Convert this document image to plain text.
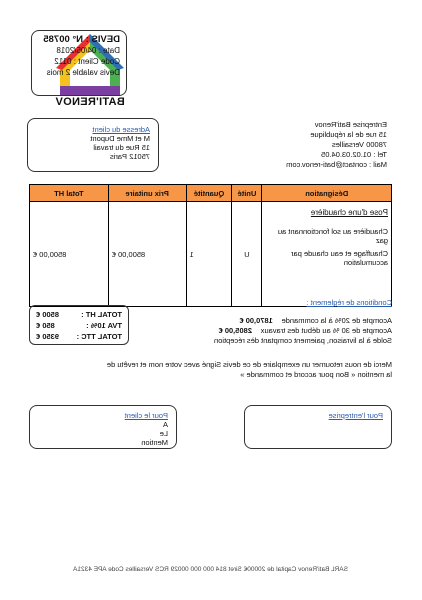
BATI'RENOV
DEVIS : N° 00785
Date : 04/05/2018
Code Client : 0112
Devis valable 2 mois
Entreprise Bati'Renov
15 rue de la république
78000 Versailles
Tel : 01.02.03.04.05
Mail : contact@bati-renov.com
Adresse du client
M et Mme Dupont
15 Rue du travail
75012 Paris
Désignation	Unité	Quantité	Prix unitaire	Total HT

Pose d'une chaudière
Chaudière au sol fonctionnant au gaz
Chauffage et eau chaude par accumulation	U	1	8500,00 €	8500,00 €
TOTAL HT :
8500 €
TVA 10% :
850 €
TOTAL TTC :
9350 €
Conditions de règlement :
Acompte de 20% à la commande 1870,00 €
Acompte de 30 % au début des travaux 2805,00 €
Solde à la livraison, paiement comptant dès réception
Merci de nous retourner un exemplaire de ce devis Signé avec votre nom et revêtu de
la mention « Bon pour accord et commande »
Pour l'entreprise
Pour le client
A
Le
Mention
SARL Bati'Renov Capital de 20000€ Siret 814 000 000 00029 RCS Versailles Code APE 4321A
